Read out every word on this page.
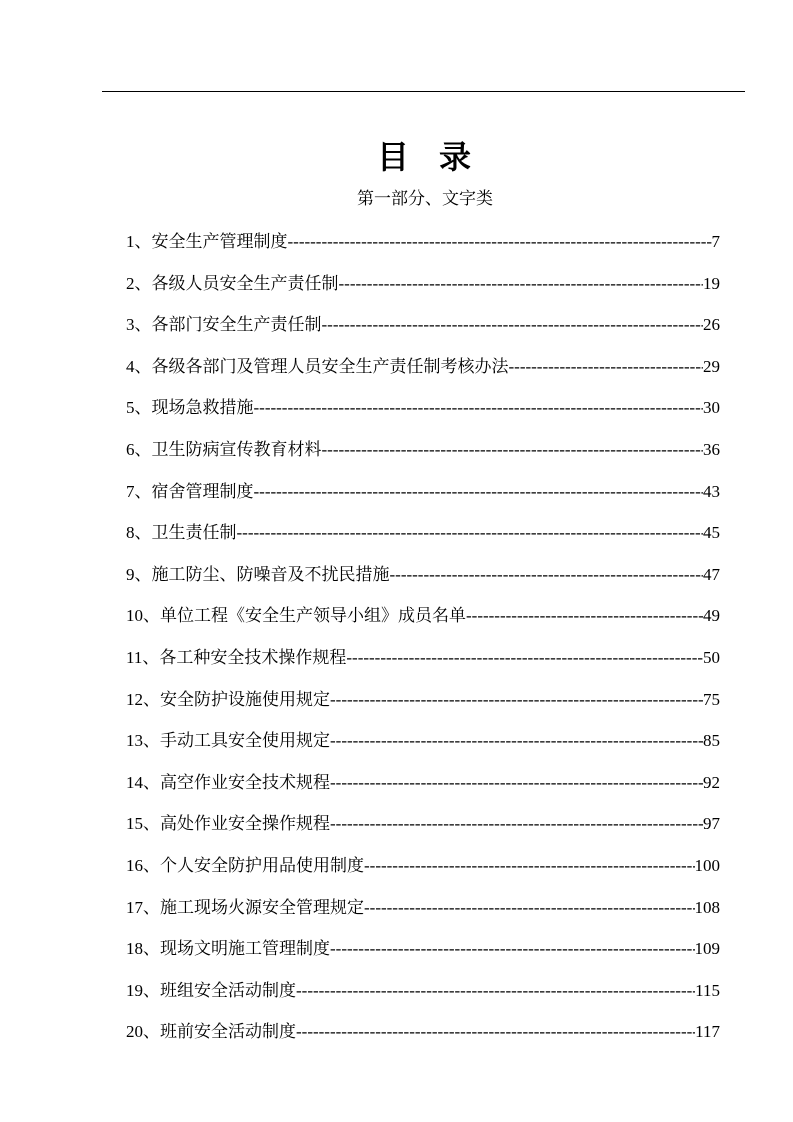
目 录
第一部分、文字类
1、安全生产管理制度 -----	7
2、各级人员安全生产责任制 -----	19
3、各部门安全生产责任制 -----	26
4、各级各部门及管理人员安全生产责任制考核办法 -----	29
5、现场急救措施 -----	30
6、卫生防病宣传教育材料 -----	36
7、宿舍管理制度 -----	43
8、卫生责任制 -----	45
9、施工防尘、防噪音及不扰民措施 -----	47
10、单位工程《安全生产领导小组》成员名单 -----	49
11、各工种安全技术操作规程 -----	50
12、安全防护设施使用规定 -----	75
13、手动工具安全使用规定 -----	85
14、高空作业安全技术规程 -----	92
15、高处作业安全操作规程 -----	97
16、个人安全防护用品使用制度 -----	100
17、施工现场火源安全管理规定 -----	108
18、现场文明施工管理制度 -----	109
19、班组安全活动制度 -----	115
20、班前安全活动制度 -----	117
